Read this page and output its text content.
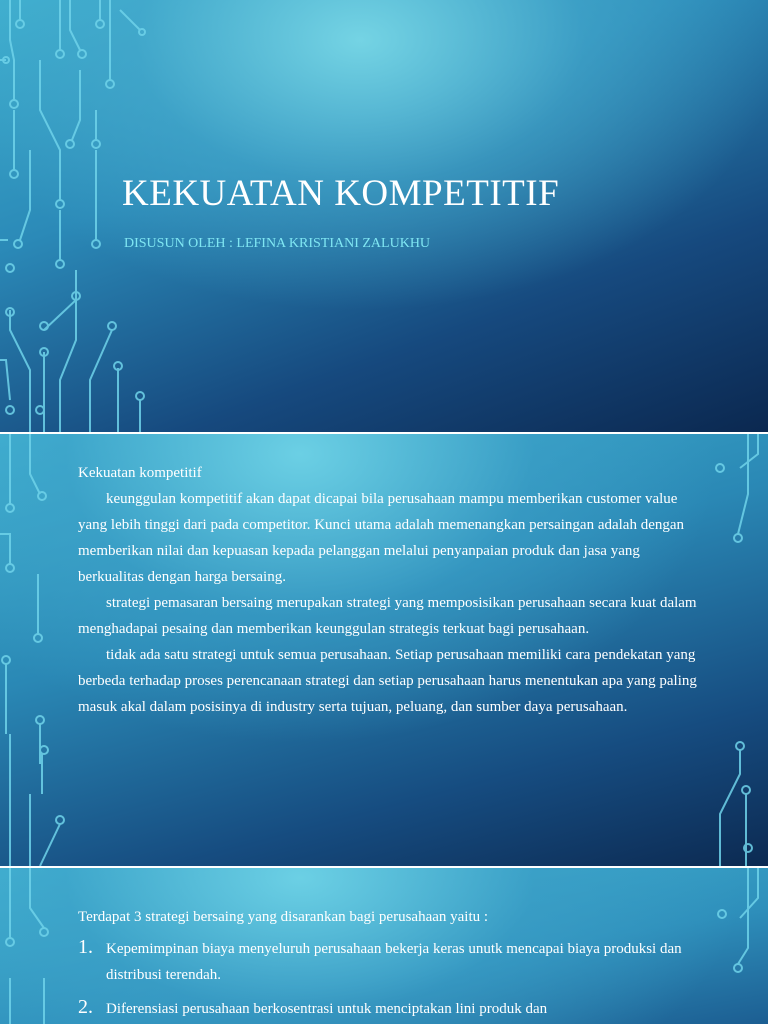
KEKUATAN KOMPETITIF

DISUSUN OLEH : LEFINA KRISTIANI ZALUKHU

Kekuatan kompetitif

keunggulan kompetitif akan dapat dicapai bila perusahaan mampu memberikan customer value yang lebih tinggi dari pada competitor. Kunci utama adalah memenangkan persaingan adalah dengan memberikan nilai dan kepuasan kepada pelanggan melalui penyanpaian produk dan jasa yang berkualitas dengan harga bersaing.

strategi pemasaran bersaing merupakan strategi yang memposisikan perusahaan secara kuat dalam menghadapai pesaing dan memberikan keunggulan strategis terkuat bagi perusahaan.

tidak ada satu strategi untuk semua perusahaan. Setiap perusahaan memiliki cara pendekatan yang berbeda terhadap proses perencanaan strategi dan setiap perusahaan harus menentukan apa yang paling masuk akal dalam posisinya di industry serta tujuan, peluang, dan sumber daya perusahaan.

Terdapat 3 strategi bersaing yang disarankan bagi perusahaan yaitu :

1. Kepemimpinan biaya menyeluruh perusahaan bekerja keras unutk mencapai biaya produksi dan distribusi terendah.
2. Diferensiasi perusahaan berkosentrasi untuk menciptakan lini produk dan
